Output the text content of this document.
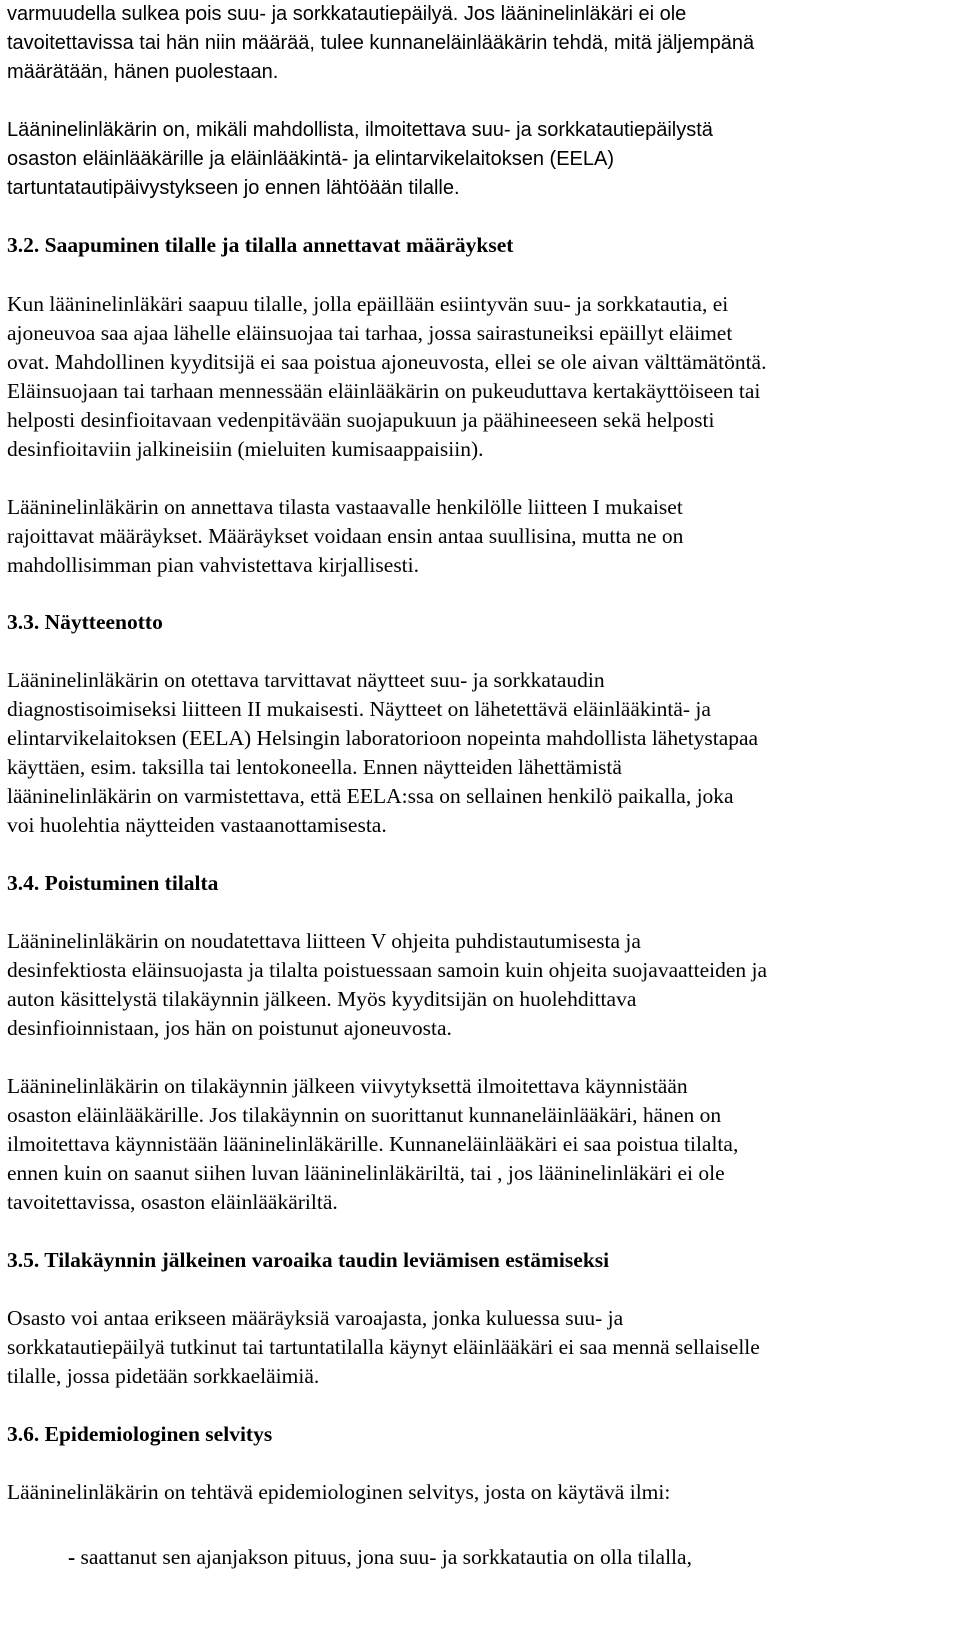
varmuudella sulkea pois suu- ja sorkkatautiepäilyä. Jos lääninelinläkäri ei ole

tavoitettavissa tai hän niin määrää, tulee kunnaneläinlääkärin tehdä, mitä jäljempänä

määrätään, hänen puolestaan.

Lääninelinläkärin on, mikäli mahdollista, ilmoitettava suu- ja sorkkatautiepäilystä

osaston eläinlääkärille ja eläinlääkintä- ja elintarvikelaitoksen (EELA)

tartuntatautipäivystykseen jo ennen lähtöään tilalle.

3.2. Saapuminen tilalle ja tilalla annettavat määräykset

Kun lääninelinläkäri saapuu tilalle, jolla epäillään esiintyvän suu- ja sorkkatautia, ei

ajoneuvoa saa ajaa lähelle eläinsuojaa tai tarhaa, jossa sairastuneiksi epäillyt eläimet

ovat. Mahdollinen kyyditsijä ei saa poistua ajoneuvosta, ellei se ole aivan välttämätöntä.

Eläinsuojaan tai tarhaan mennessään eläinlääkärin on pukeuduttava kertakäyttöiseen tai

helposti desinfioitavaan vedenpitävään suojapukuun ja päähineeseen sekä helposti

desinfioitaviin jalkineisiin (mieluiten kumisaappaisiin).

Lääninelinläkärin on annettava tilasta vastaavalle henkilölle liitteen I mukaiset

rajoittavat määräykset. Määräykset voidaan ensin antaa suullisina, mutta ne on

mahdollisimman pian vahvistettava kirjallisesti.

3.3. Näytteenotto

Lääninelinläkärin on otettava tarvittavat näytteet suu- ja sorkkataudin

diagnostisoimiseksi liitteen II mukaisesti. Näytteet on lähetettävä eläinlääkintä- ja

elintarvikelaitoksen (EELA) Helsingin laboratorioon nopeinta mahdollista lähetystapaa

käyttäen, esim. taksilla tai lentokoneella. Ennen näytteiden lähettämistä

lääninelinläkärin on varmistettava, että EELA:ssa on sellainen henkilö paikalla, joka

voi huolehtia näytteiden vastaanottamisesta.

3.4. Poistuminen tilalta

Lääninelinläkärin on noudatettava liitteen V ohjeita puhdistautumisesta ja

desinfektiosta eläinsuojasta ja tilalta poistuessaan samoin kuin ohjeita suojavaatteiden ja

auton käsittelystä tilakäynnin jälkeen. Myös kyyditsijän on huolehdittava

desinfioinnistaan, jos hän on poistunut ajoneuvosta.

Lääninelinläkärin on tilakäynnin jälkeen viivytyksettä ilmoitettava käynnistään

osaston eläinlääkärille. Jos tilakäynnin on suorittanut kunnaneläinlääkäri, hänen on

ilmoitettava käynnistään lääninelinläkärille. Kunnaneläinlääkäri ei saa poistua tilalta,

ennen kuin on saanut siihen luvan lääninelinläkäriltä, tai , jos lääninelinläkäri ei ole

tavoitettavissa, osaston eläinlääkäriltä.

3.5. Tilakäynnin jälkeinen varoaika taudin leviämisen estämiseksi

Osasto voi antaa erikseen määräyksiä varoajasta, jonka kuluessa suu- ja

sorkkatautiepäilyä tutkinut tai tartuntatilalla käynyt eläinlääkäri ei saa mennä sellaiselle

tilalle, jossa pidetään sorkkaeläimiä.

3.6. Epidemiologinen selvitys

Lääninelinläkärin on tehtävä epidemiologinen selvitys, josta on käytävä ilmi:

- saattanut sen ajanjakson pituus, jona suu- ja sorkkatautia on olla tilalla,
